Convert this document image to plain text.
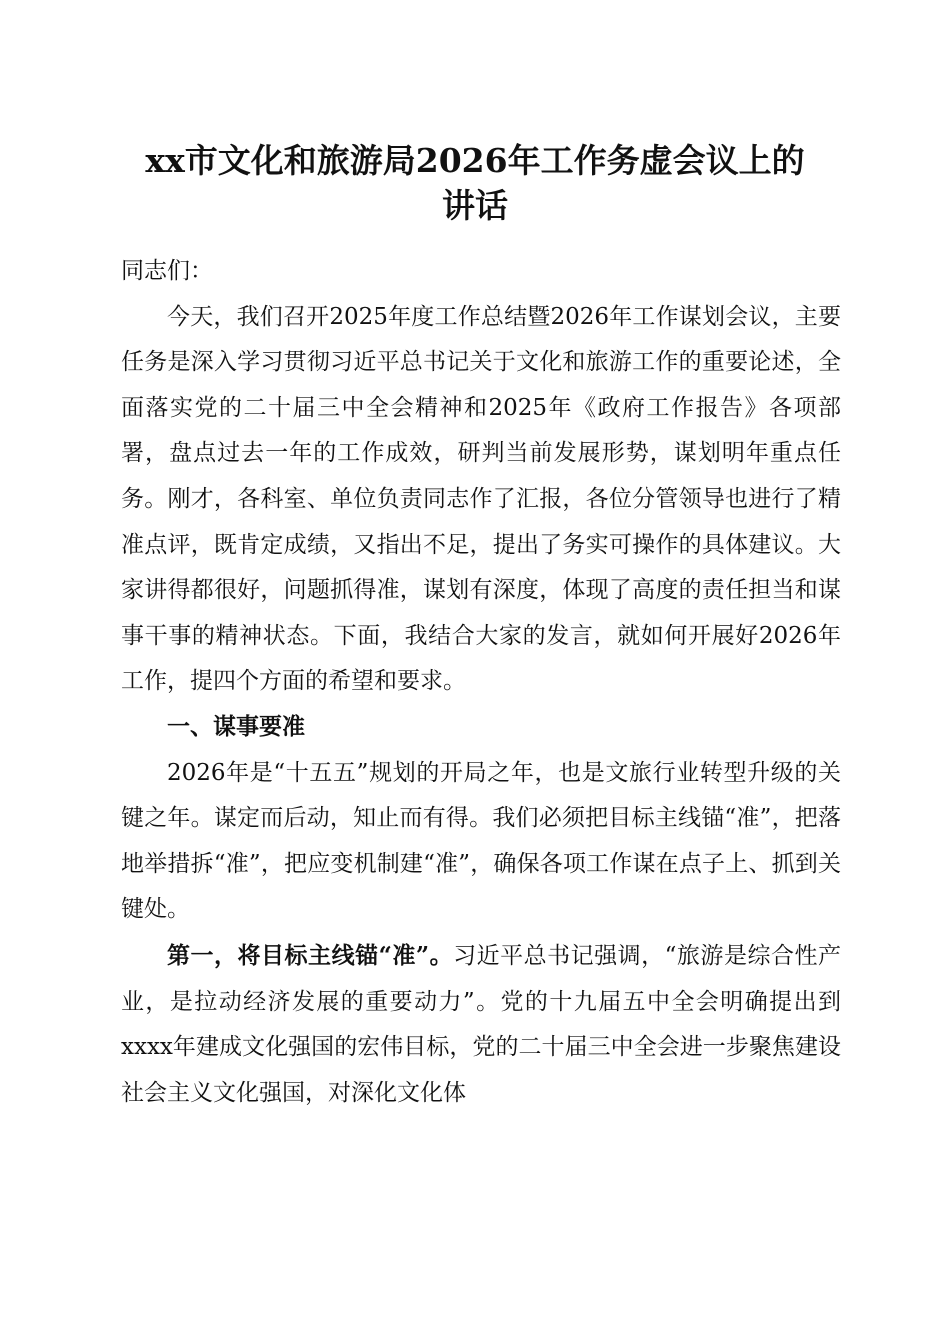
xx市文化和旅游局2026年工作务虚会议上的
讲话

同志们：

今天，我们召开2025年度工作总结暨2026年工作谋划会议，主要任务是深入学习贯彻习近平总书记关于文化和旅游工作的重要论述，全面落实党的二十届三中全会精神和2025年《政府工作报告》各项部署，盘点过去一年的工作成效，研判当前发展形势，谋划明年重点任务。刚才，各科室、单位负责同志作了汇报，各位分管领导也进行了精准点评，既肯定成绩，又指出不足，提出了务实可操作的具体建议。大家讲得都很好，问题抓得准，谋划有深度，体现了高度的责任担当和谋事干事的精神状态。下面，我结合大家的发言，就如何开展好2026年工作，提四个方面的希望和要求。

一、谋事要准

2026年是“十五五”规划的开局之年，也是文旅行业转型升级的关键之年。谋定而后动，知止而有得。我们必须把目标主线锚“准”，把落地举措拆“准”，把应变机制建“准”，确保各项工作谋在点子上、抓到关键处。

第一，将目标主线锚“准”。习近平总书记强调，“旅游是综合性产业，是拉动经济发展的重要动力”。党的十九届五中全会明确提出到xxxx年建成文化强国的宏伟目标，党的二十届三中全会进一步聚焦建设社会主义文化强国，对深化文化体
